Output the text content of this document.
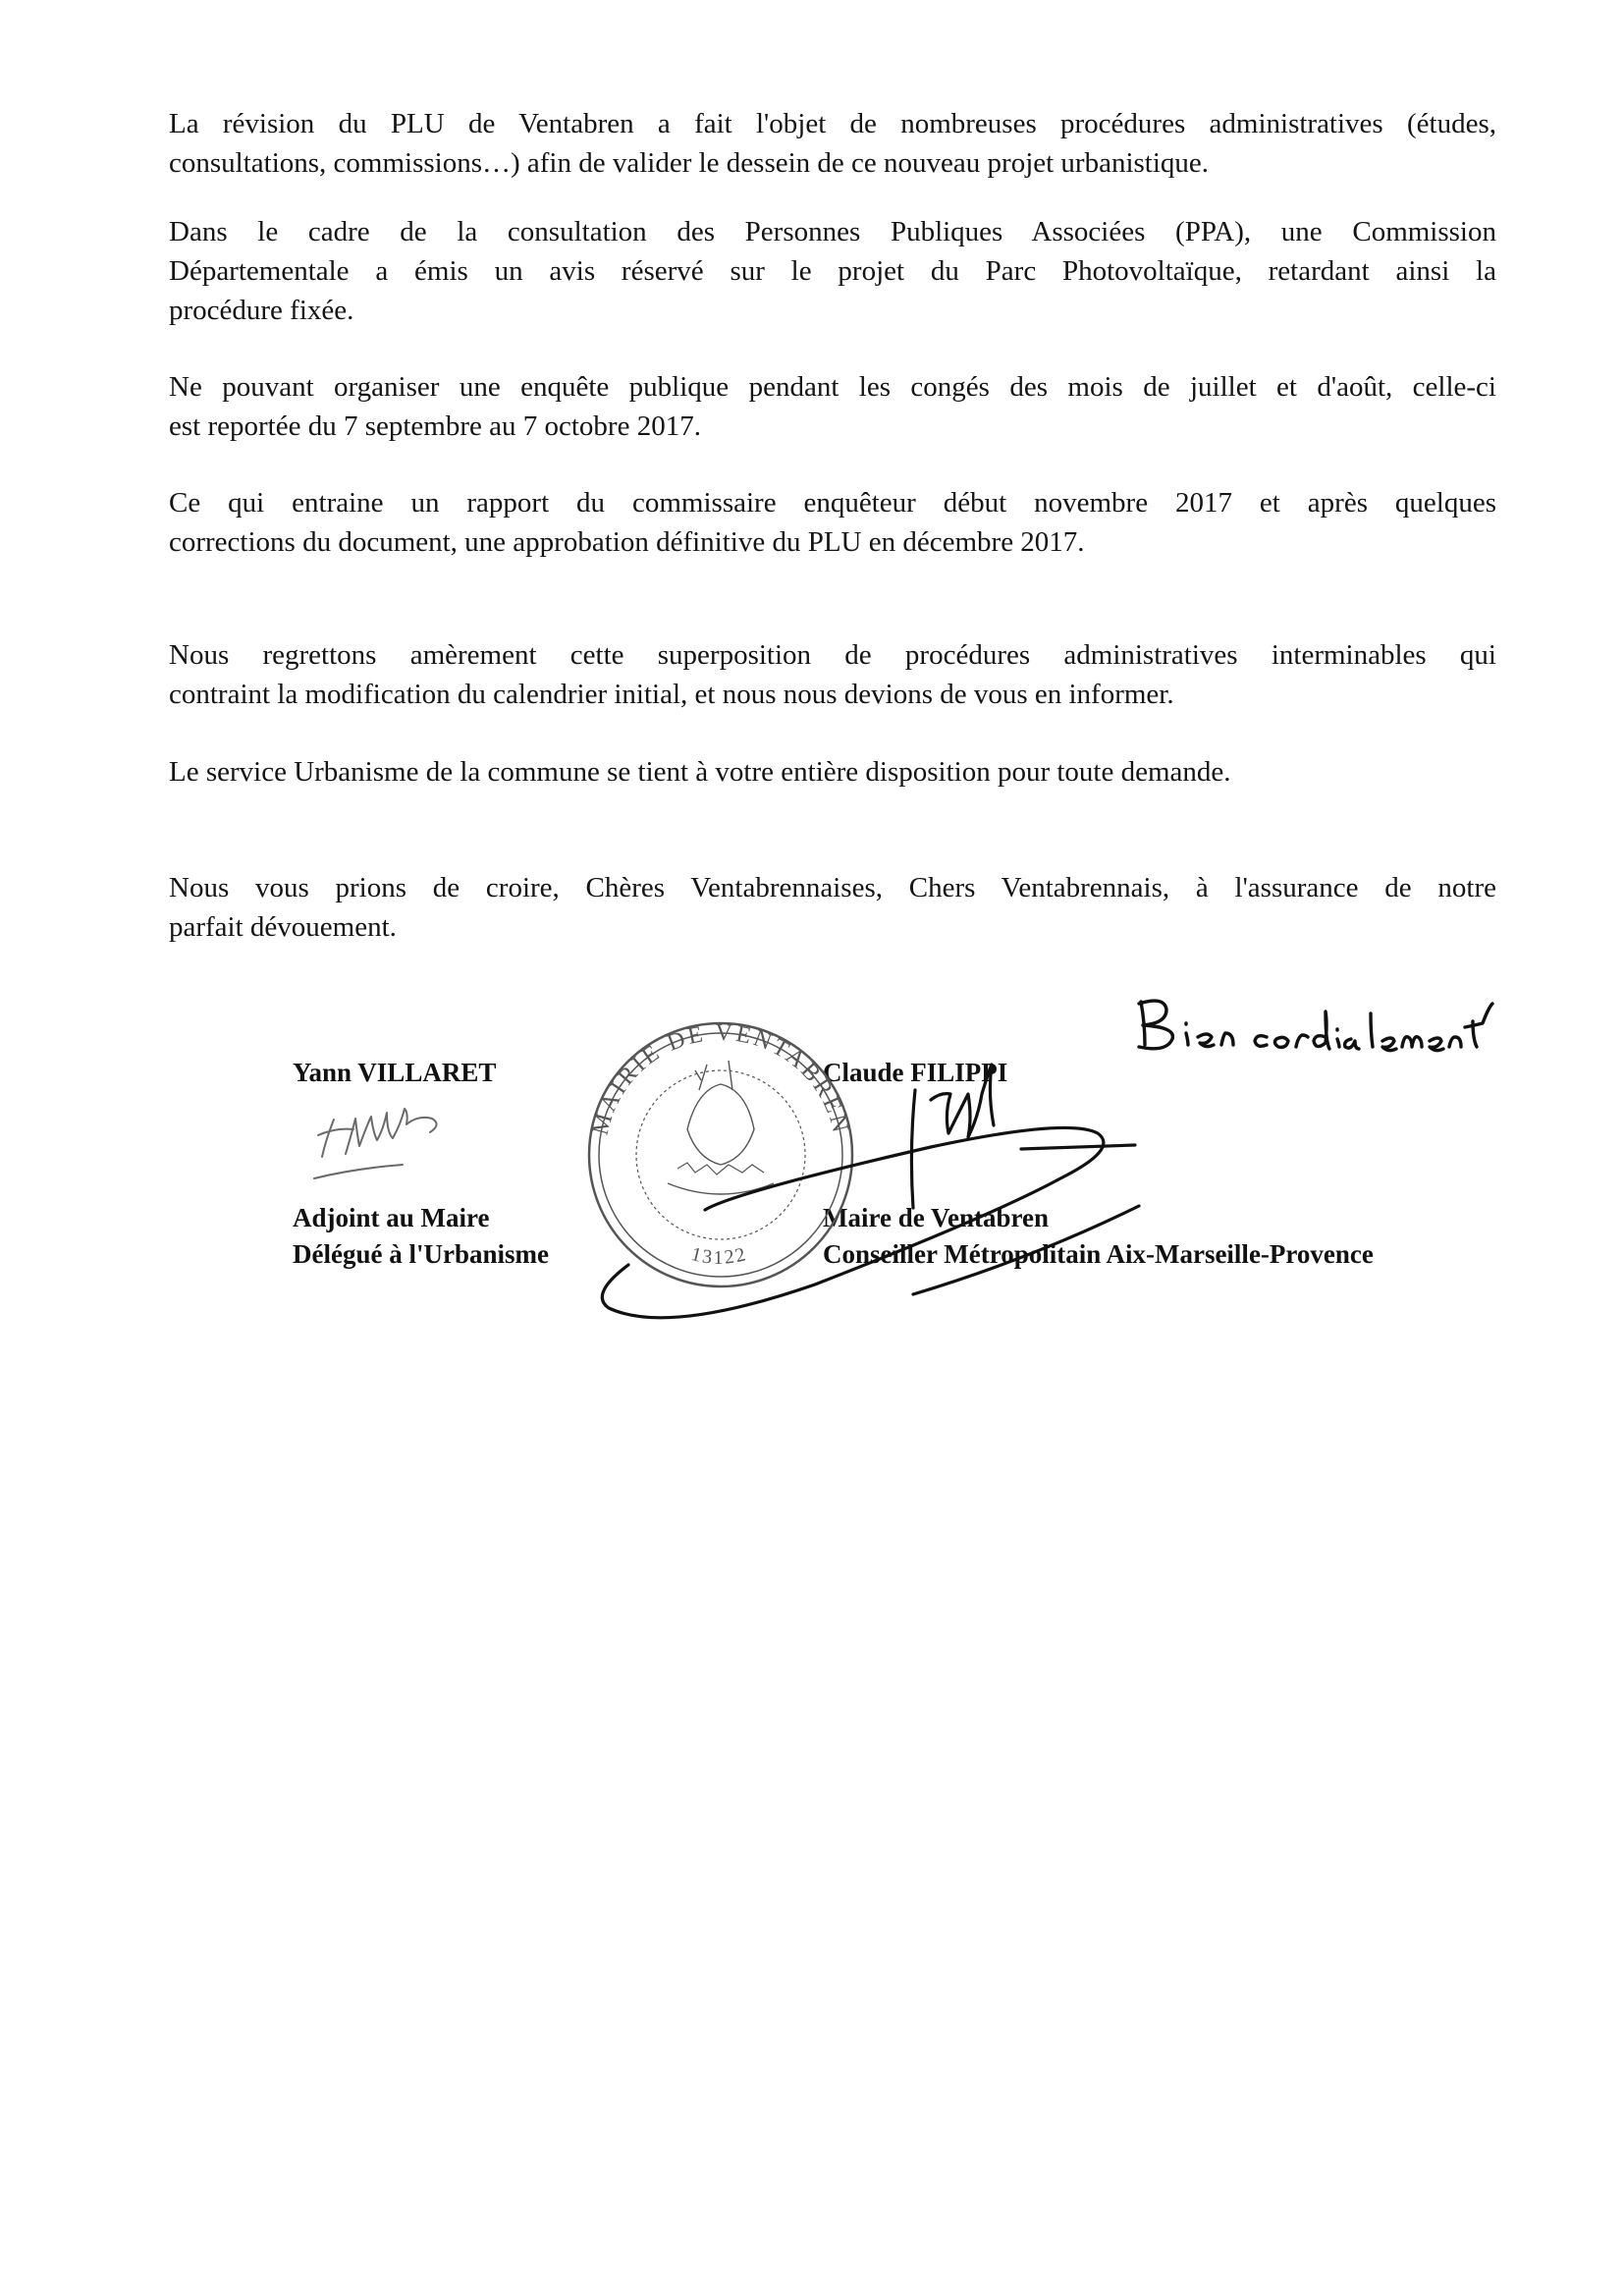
La révision du PLU de Ventabren a fait l'objet de nombreuses procédures administratives (études,
consultations, commissions…) afin de valider le dessein de ce nouveau projet urbanistique.

Dans le cadre de la consultation des Personnes Publiques Associées (PPA), une Commission
Départementale a émis un avis réservé sur le projet du Parc Photovoltaïque, retardant ainsi la
procédure fixée.

Ne pouvant organiser une enquête publique pendant les congés des mois de juillet et d'août, celle-ci
est reportée du 7 septembre au 7 octobre 2017.

Ce qui entraine un rapport du commissaire enquêteur début novembre 2017 et après quelques
corrections du document, une approbation définitive du PLU en décembre 2017.

Nous regrettons amèrement cette superposition de procédures administratives interminables qui
contraint la modification du calendrier initial, et nous nous devions de vous en informer.

Le service Urbanisme de la commune se tient à votre entière disposition pour toute demande.

Nous vous prions de croire, Chères Ventabrennaises, Chers Ventabrennais, à l'assurance de notre
parfait dévouement.

Yann VILLARET

Adjoint au Maire

Délégué à l'Urbanisme

Claude FILIPPI

Maire de Ventabren

Conseiller Métropolitain Aix-Marseille-Provence

MAIRIE DE VENTABREN
13122
